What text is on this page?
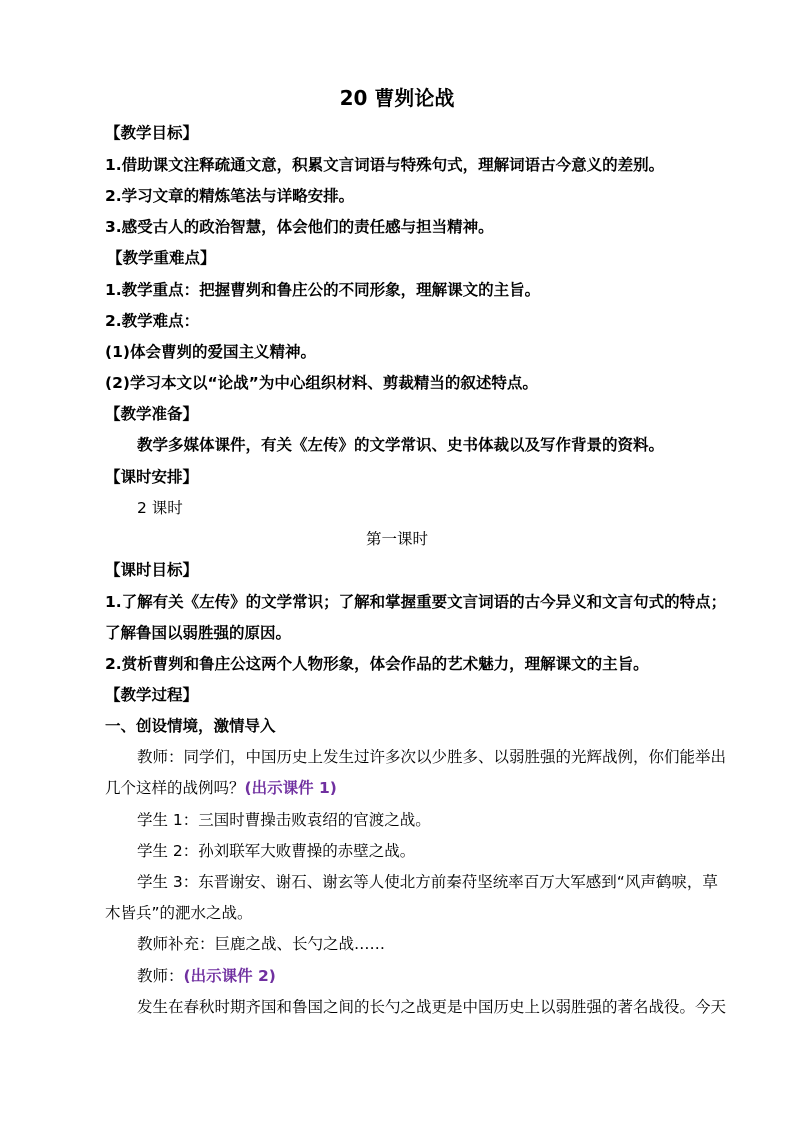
20 曹刿论战
【教学目标】
1.借助课文注释疏通文意，积累文言词语与特殊句式，理解词语古今意义的差别。
2.学习文章的精炼笔法与详略安排。
3.感受古人的政治智慧，体会他们的责任感与担当精神。
【教学重难点】
1.教学重点：把握曹刿和鲁庄公的不同形象，理解课文的主旨。
2.教学难点：
(1)体会曹刿的爱国主义精神。
(2)学习本文以“论战”为中心组织材料、剪裁精当的叙述特点。
【教学准备】
教学多媒体课件，有关《左传》的文学常识、史书体裁以及写作背景的资料。
【课时安排】
2 课时
第一课时
【课时目标】
1.了解有关《左传》的文学常识；了解和掌握重要文言词语的古今异义和文言句式的特点；
了解鲁国以弱胜强的原因。
2.赏析曹刿和鲁庄公这两个人物形象，体会作品的艺术魅力，理解课文的主旨。
【教学过程】
一、创设情境，激情导入
教师：同学们，中国历史上发生过许多次以少胜多、以弱胜强的光辉战例，你们能举出
几个这样的战例吗？(出示课件 1)
学生 1：三国时曹操击败袁绍的官渡之战。
学生 2：孙刘联军大败曹操的赤壁之战。
学生 3：东晋谢安、谢石、谢玄等人使北方前秦苻坚统率百万大军感到“风声鹤唳，草
木皆兵”的淝水之战。
教师补充：巨鹿之战、长勺之战……
教师：(出示课件 2)
发生在春秋时期齐国和鲁国之间的长勺之战更是中国历史上以弱胜强的著名战役。今天
